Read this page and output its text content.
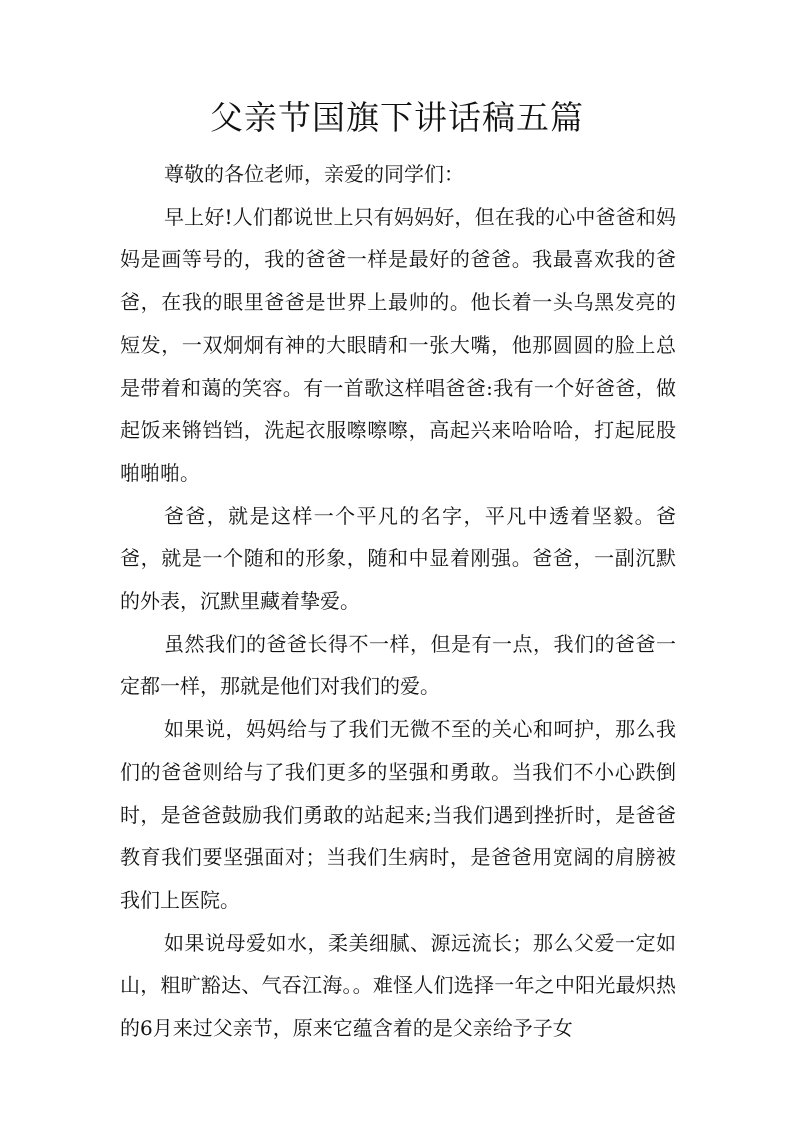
父亲节国旗下讲话稿五篇

尊敬的各位老师，亲爱的同学们：

早上好!人们都说世上只有妈妈好，但在我的心中爸爸和妈妈是画等号的，我的爸爸一样是最好的爸爸。我最喜欢我的爸爸，在我的眼里爸爸是世界上最帅的。他长着一头乌黑发亮的短发，一双炯炯有神的大眼睛和一张大嘴，他那圆圆的脸上总是带着和蔼的笑容。有一首歌这样唱爸爸:我有一个好爸爸，做起饭来锵铛铛，洗起衣服嚓嚓嚓，高起兴来哈哈哈，打起屁股啪啪啪。

爸爸，就是这样一个平凡的名字，平凡中透着坚毅。爸爸，就是一个随和的形象，随和中显着刚强。爸爸，一副沉默的外表，沉默里藏着挚爱。

虽然我们的爸爸长得不一样，但是有一点，我们的爸爸一定都一样，那就是他们对我们的爱。

如果说，妈妈给与了我们无微不至的关心和呵护，那么我们的爸爸则给与了我们更多的坚强和勇敢。当我们不小心跌倒时，是爸爸鼓励我们勇敢的站起来;当我们遇到挫折时，是爸爸教育我们要坚强面对；当我们生病时，是爸爸用宽阔的肩膀被我们上医院。

如果说母爱如水，柔美细腻、源远流长；那么父爱一定如山，粗旷豁达、气吞江海。。难怪人们选择一年之中阳光最炽热的6月来过父亲节，原来它蕴含着的是父亲给予子女
